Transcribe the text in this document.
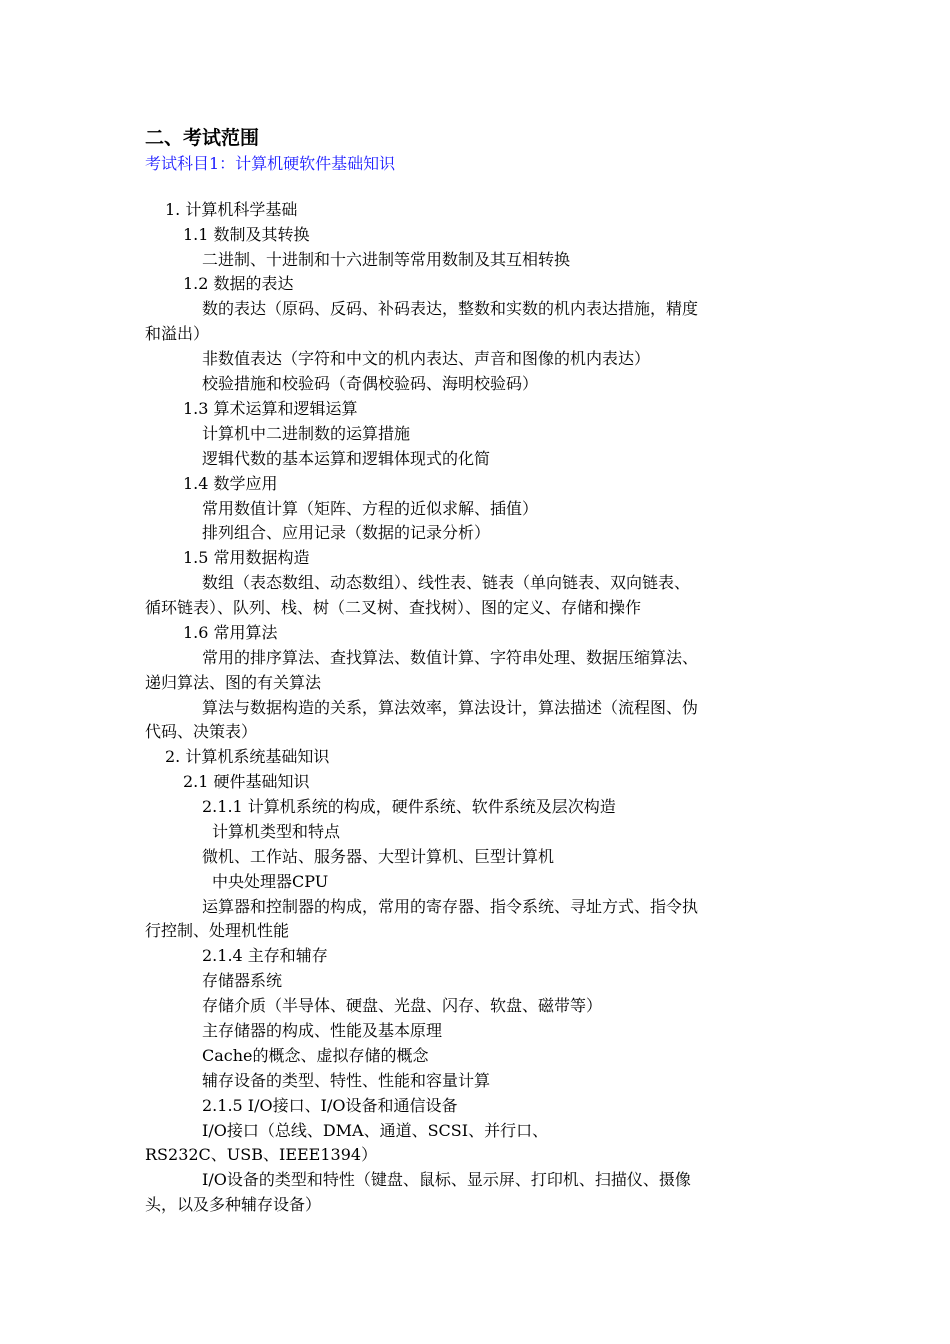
二、考试范围
考试科目1：计算机硬软件基础知识
1. 计算机科学基础
1.1 数制及其转换
二进制、十进制和十六进制等常用数制及其互相转换
1.2 数据的表达
数的表达（原码、反码、补码表达，整数和实数的机内表达措施，精度
和溢出）
非数值表达（字符和中文的机内表达、声音和图像的机内表达）
校验措施和校验码（奇偶校验码、海明校验码）
1.3 算术运算和逻辑运算
计算机中二进制数的运算措施
逻辑代数的基本运算和逻辑体现式的化简
1.4 数学应用
常用数值计算（矩阵、方程的近似求解、插值）
排列组合、应用记录（数据的记录分析）
1.5 常用数据构造
数组（表态数组、动态数组）、线性表、链表（单向链表、双向链表、
循环链表）、队列、栈、树（二叉树、查找树）、图的定义、存储和操作
1.6 常用算法
常用的排序算法、查找算法、数值计算、字符串处理、数据压缩算法、
递归算法、图的有关算法
算法与数据构造的关系，算法效率，算法设计，算法描述（流程图、伪
代码、决策表）
2. 计算机系统基础知识
2.1 硬件基础知识
2.1.1 计算机系统的构成，硬件系统、软件系统及层次构造
计算机类型和特点
微机、工作站、服务器、大型计算机、巨型计算机
中央处理器CPU
运算器和控制器的构成，常用的寄存器、指令系统、寻址方式、指令执
行控制、处理机性能
2.1.4 主存和辅存
存储器系统
存储介质（半导体、硬盘、光盘、闪存、软盘、磁带等）
主存储器的构成、性能及基本原理
Cache的概念、虚拟存储的概念
辅存设备的类型、特性、性能和容量计算
2.1.5 I/O接口、I/O设备和通信设备
I/O接口（总线、DMA、通道、SCSI、并行口、
RS232C、USB、IEEE1394）
I/O设备的类型和特性（键盘、鼠标、显示屏、打印机、扫描仪、摄像
头，以及多种辅存设备）
